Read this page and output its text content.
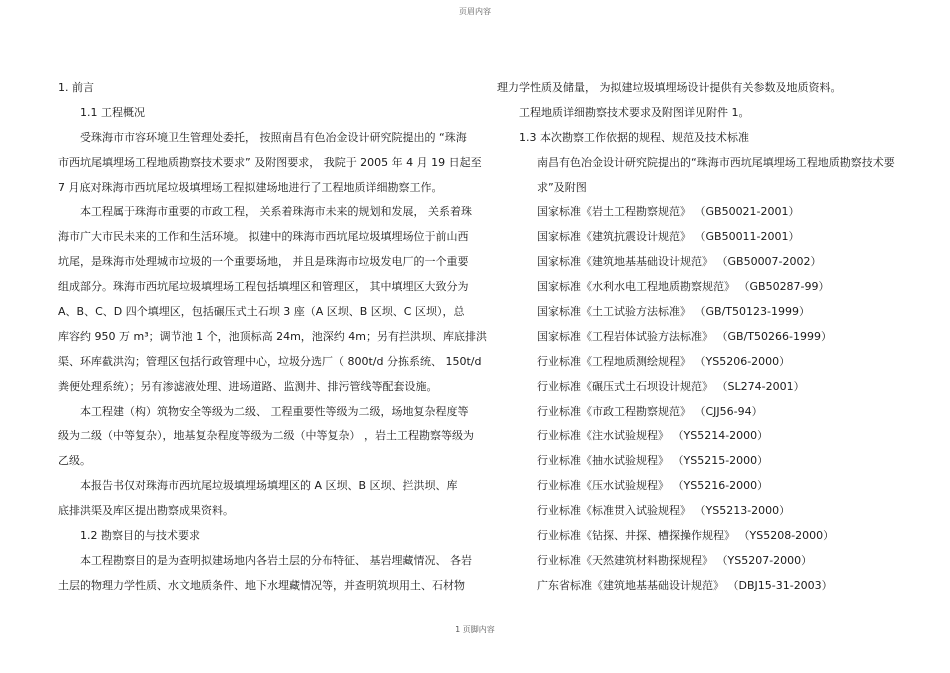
页眉内容
1. 前言
1.1 工程概况
受珠海市市容环境卫生管理处委托， 按照南昌有色冶金设计研究院提出的 “珠海
市西坑尾填埋场工程地质勘察技术要求” 及附图要求， 我院于 2005 年 4 月 19 日起至
7 月底对珠海市西坑尾垃圾填埋场工程拟建场地进行了工程地质详细勘察工作。
本工程属于珠海市重要的市政工程， 关系着珠海市未来的规划和发展， 关系着珠
海市广大市民未来的工作和生活环境。 拟建中的珠海市西坑尾垃圾填埋场位于前山西
坑尾，是珠海市处理城市垃圾的一个重要场地， 并且是珠海市垃圾发电厂的一个重要
组成部分。珠海市西坑尾垃圾填埋场工程包括填埋区和管理区， 其中填埋区大致分为
A、B、C、D 四个填埋区，包括碾压式土石坝 3 座（A 区坝、B 区坝、C 区坝），总
库容约 950 万 m³；调节池 1 个，池顶标高 24m，池深约 4m；另有拦洪坝、库底排洪
渠、环库截洪沟；管理区包括行政管理中心，垃圾分选厂（ 800t/d 分拣系统、 150t/d
粪便处理系统）；另有渗滤液处理、进场道路、监测井、排污管线等配套设施。
本工程建（构）筑物安全等级为二级、 工程重要性等级为二级，场地复杂程度等
级为二级（中等复杂），地基复杂程度等级为二级（中等复杂） ，岩土工程勘察等级为
乙级。
本报告书仅对珠海市西坑尾垃圾填埋场填埋区的 A 区坝、B 区坝、拦洪坝、库
底排洪渠及库区提出勘察成果资料。
1.2 勘察目的与技术要求
本工程勘察目的是为查明拟建场地内各岩土层的分布特征、 基岩埋藏情况、 各岩
土层的物理力学性质、水文地质条件、地下水埋藏情况等，并查明筑坝用土、石材物
理力学性质及储量， 为拟建垃圾填埋场设计提供有关参数及地质资料。
工程地质详细勘察技术要求及附图详见附件 1。
1.3 本次勘察工作依据的规程、规范及技术标准
南昌有色冶金设计研究院提出的“珠海市西坑尾填埋场工程地质勘察技术要
求”及附图
国家标准《岩土工程勘察规范》 （GB50021-2001）
国家标准《建筑抗震设计规范》 （GB50011-2001）
国家标准《建筑地基基础设计规范》 （GB50007-2002）
国家标准《水利水电工程地质勘察规范》 （GB50287-99）
国家标准《土工试验方法标准》 （GB/T50123-1999）
国家标准《工程岩体试验方法标准》 （GB/T50266-1999）
行业标准《工程地质测绘规程》 （YS5206-2000）
行业标准《碾压式土石坝设计规范》 （SL274-2001）
行业标准《市政工程勘察规范》 （CJJ56-94）
行业标准《注水试验规程》 （YS5214-2000）
行业标准《抽水试验规程》 （YS5215-2000）
行业标准《压水试验规程》 （YS5216-2000）
行业标准《标准贯入试验规程》 （YS5213-2000）
行业标准《钻探、井探、槽探操作规程》 （YS5208-2000）
行业标准《天然建筑材料勘探规程》 （YS5207-2000）
广东省标准《建筑地基基础设计规范》 （DBJ15-31-2003）
1 页脚内容
